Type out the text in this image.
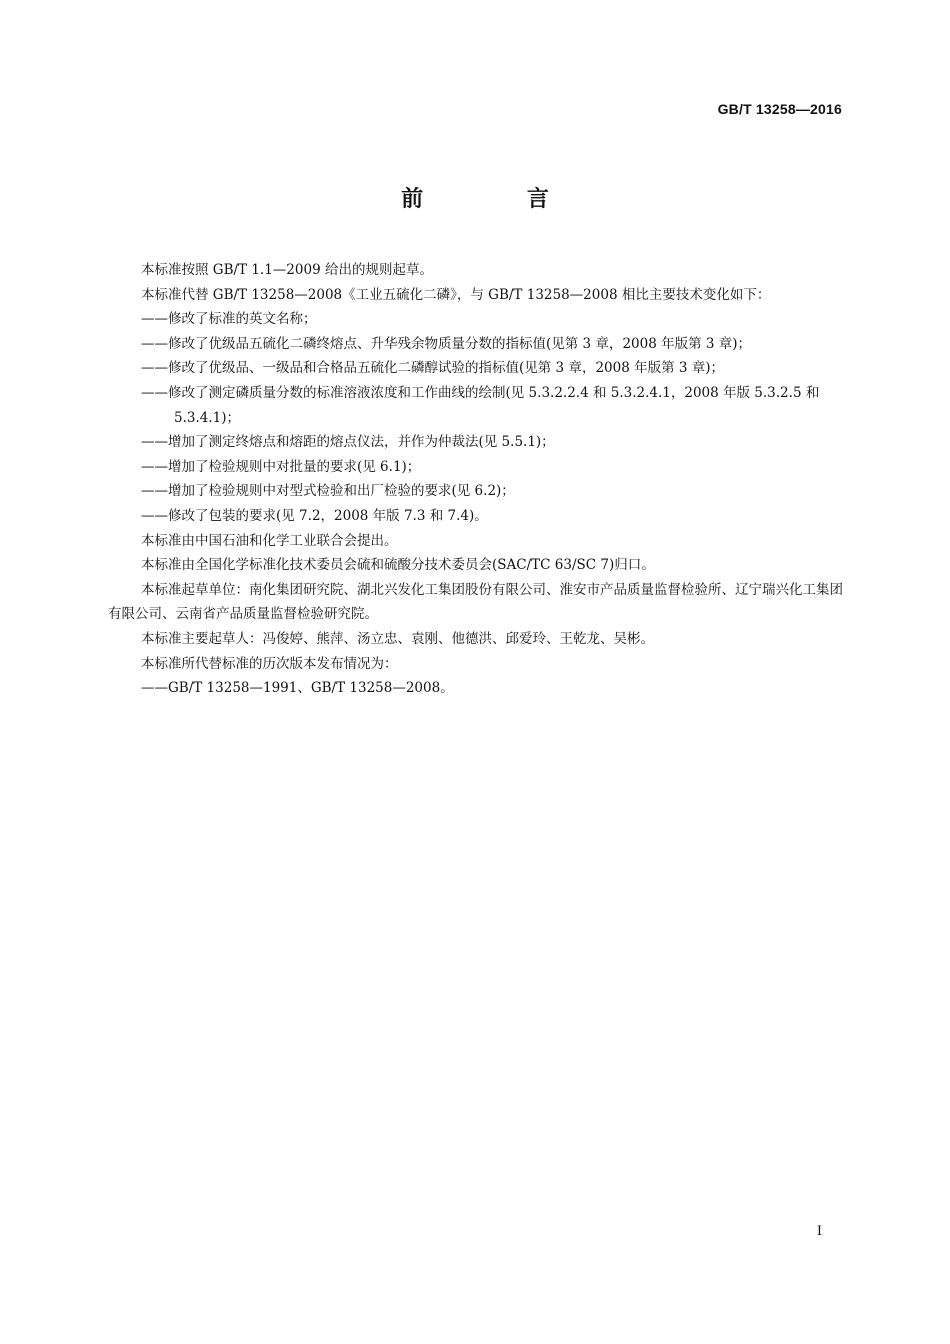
GB/T 13258—2016
前 言

本标准按照 GB/T 1.1—2009 给出的规则起草。

本标准代替 GB/T 13258—2008《工业五硫化二磷》，与 GB/T 13258—2008 相比主要技术变化如下：

——修改了标准的英文名称；

——修改了优级品五硫化二磷终熔点、升华残余物质量分数的指标值(见第 3 章，2008 年版第 3 章)；

——修改了优级品、一级品和合格品五硫化二磷醇试验的指标值(见第 3 章，2008 年版第 3 章)；

——修改了测定磷质量分数的标准溶液浓度和工作曲线的绘制(见 5.3.2.2.4 和 5.3.2.4.1，2008 年版 5.3.2.5 和 5.3.4.1)；

——增加了测定终熔点和熔距的熔点仪法，并作为仲裁法(见 5.5.1)；

——增加了检验规则中对批量的要求(见 6.1)；

——增加了检验规则中对型式检验和出厂检验的要求(见 6.2)；

——修改了包装的要求(见 7.2，2008 年版 7.3 和 7.4)。

本标准由中国石油和化学工业联合会提出。

本标准由全国化学标准化技术委员会硫和硫酸分技术委员会(SAC/TC 63/SC 7)归口。

本标准起草单位：南化集团研究院、湖北兴发化工集团股份有限公司、淮安市产品质量监督检验所、辽宁瑞兴化工集团有限公司、云南省产品质量监督检验研究院。

本标准主要起草人：冯俊婷、熊萍、汤立忠、袁刚、他德洪、邱爱玲、王乾龙、吴彬。

本标准所代替标准的历次版本发布情况为：

——GB/T 13258—1991、GB/T 13258—2008。

I
